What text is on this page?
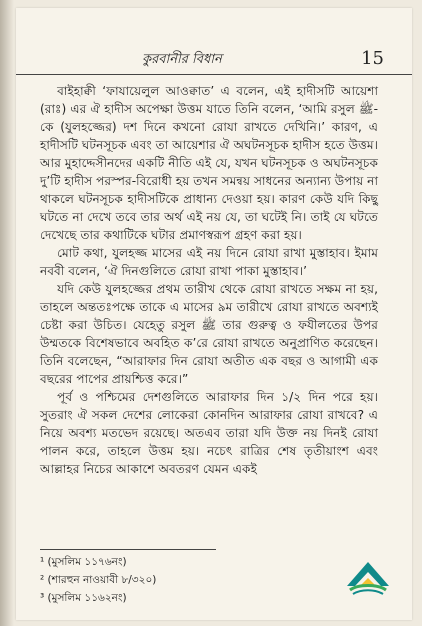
কুরবানীর বিধান	15

বাইহাক্বী ‘ফাযায়েলুল আওক্বাত’ এ বলেন, এই হাদীসটি আয়েশা (রাঃ) এর ঐ হাদীস অপেক্ষা উত্তম যাতে তিনি বলেন, ‘আমি রসুল ﷺ-কে (যুলহজ্জের) দশ দিনে কখনো রোযা রাখতে দেখিনি।’ কারণ, এ হাদীসটি ঘটনসূচক এবং তা আয়েশার ঐ অঘটনসূচক হাদীস হতে উত্তম। আর মুহাদ্দেসীনদের একটি নীতি এই যে, যখন ঘটনসূচক ও অঘটনসূচক দু’টি হাদীস পরস্পর-বিরোধী হয় তখন সমন্বয় সাধনের অন্যান্য উপায় না থাকলে ঘটনসূচক হাদীসটিকে প্রাধান্য দেওয়া হয়। কারণ কেউ যদি কিছু ঘটতে না দেখে তবে তার অর্থ এই নয় যে, তা ঘটেই নি। তাই যে ঘটতে দেখেছে তার কথাটিকে ঘটার প্রমাণস্বরূপ গ্রহণ করা হয়।

মোট কথা, যুলহজ্জ মাসের এই নয় দিনে রোযা রাখা মুস্তাহাব। ইমাম নববী বলেন, ‘ঐ দিনগুলিতে রোযা রাখা পাকা মুস্তাহাব।’

যদি কেউ যুলহজ্জের প্রথম তারীখ থেকে রোযা রাখতে সক্ষম না হয়, তাহলে অন্ততঃপক্ষে তাকে এ মাসের ৯ম তারীখে রোযা রাখতে অবশ্যই চেষ্টা করা উচিত। যেহেতু রসুল ﷺ তার গুরুত্ব ও ফযীলতের উপর উম্মতকে বিশেষভাবে অবহিত ক’রে রোযা রাখতে অনুপ্রাণিত করেছেন। তিনি বলেছেন, “আরাফার দিন রোযা অতীত এক বছর ও আগামী এক বছরের পাপের প্রায়শ্চিত্ত করে।”

পূর্ব ও পশ্চিমের দেশগুলিতে আরাফার দিন ১/২ দিন পরে হয়। সুতরাং ঐ সকল দেশের লোকেরা কোনদিন আরাফার রোযা রাখবে? এ নিয়ে অবশ্য মতভেদ রয়েছে। অতএব তারা যদি উক্ত নয় দিনই রোযা পালন করে, তাহলে উত্তম হয়। নচেৎ রাত্রির শেষ তৃতীয়াংশ এবং আল্লাহর নিচের আকাশে অবতরণ যেমন একই

¹ (মুসলিম ১১৭৬নং)
² (শারহুন নাওয়াবী ৮/৩২০)
³ (মুসলিম ১১৬২নং)
